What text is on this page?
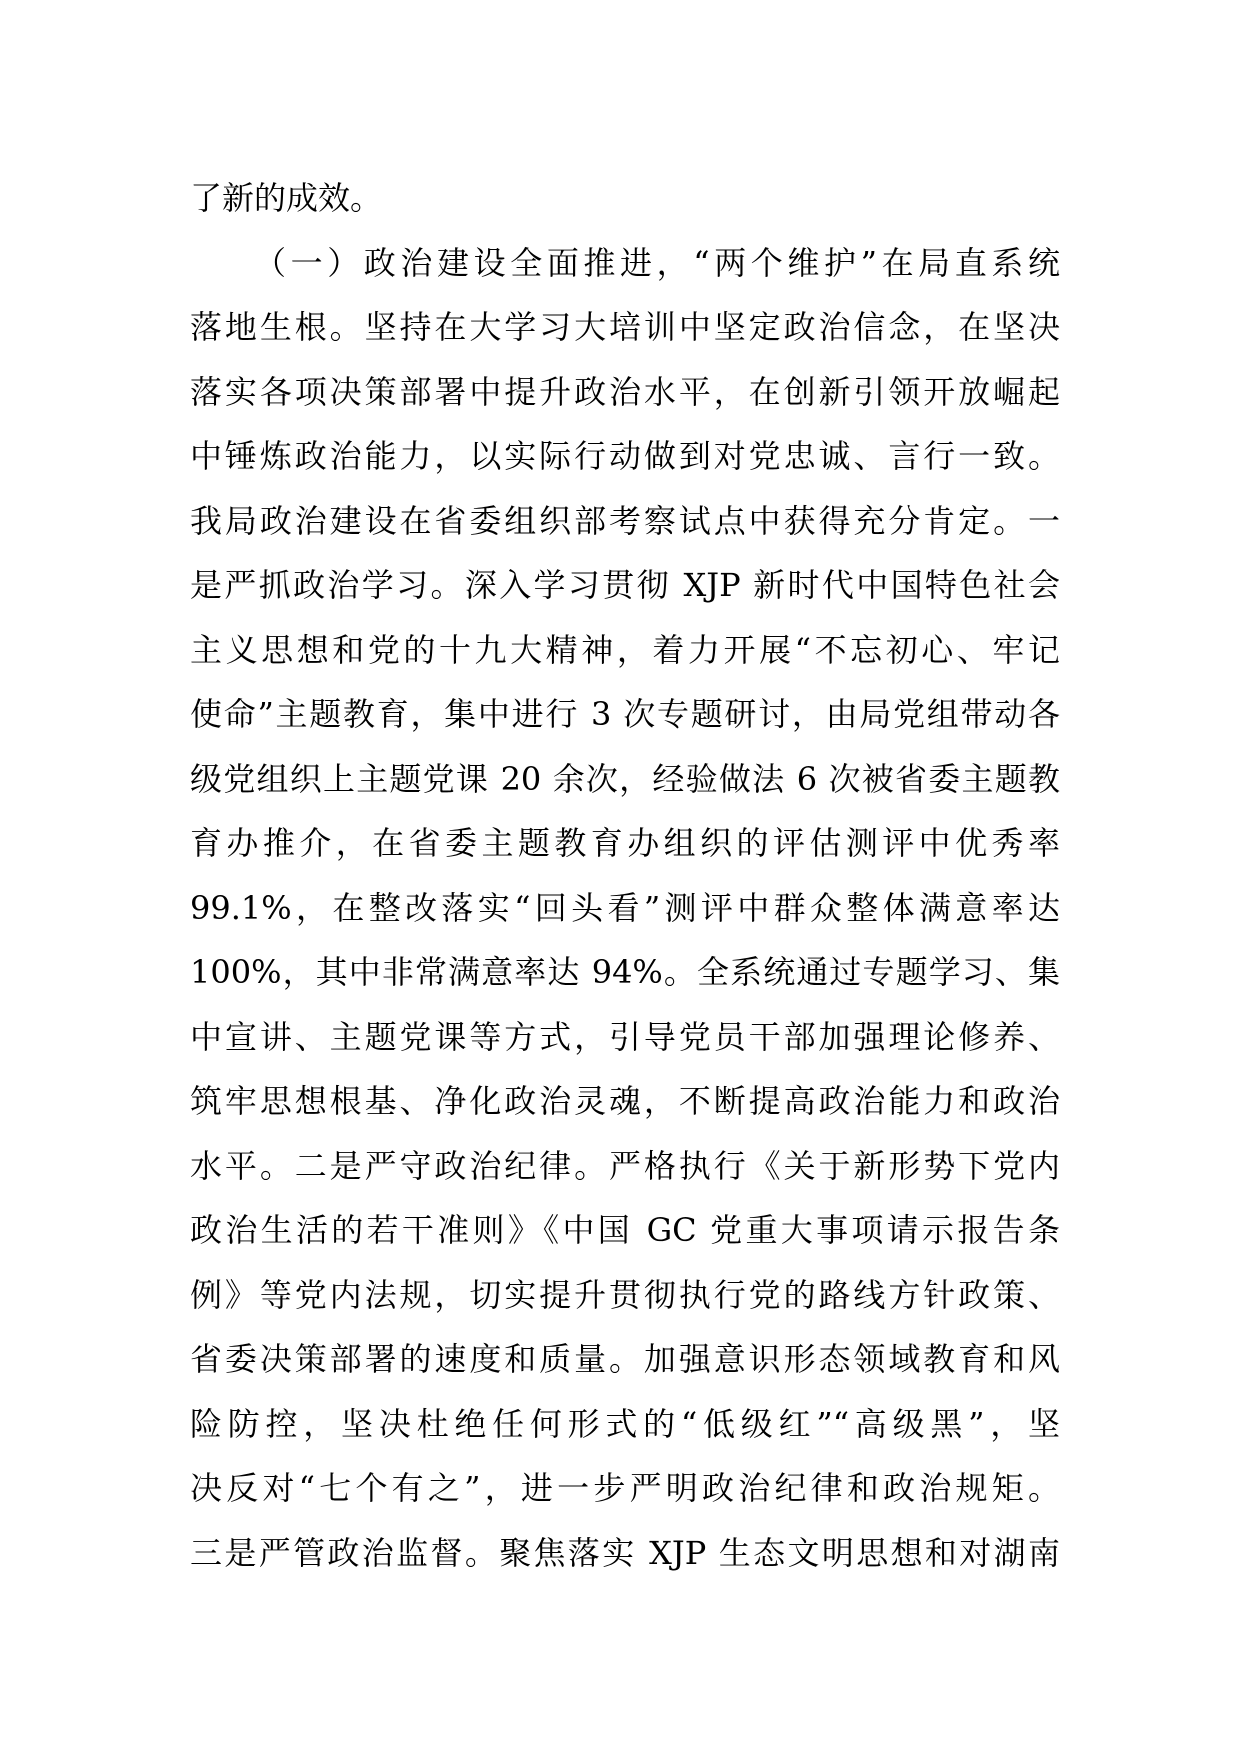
了新的成效。
（一）政治建设全面推进，“两个维护”在局直系统
落地生根。坚持在大学习大培训中坚定政治信念，在坚决
落实各项决策部署中提升政治水平，在创新引领开放崛起
中锤炼政治能力，以实际行动做到对党忠诚、言行一致。
我局政治建设在省委组织部考察试点中获得充分肯定。一
是严抓政治学习。深入学习贯彻 XJP 新时代中国特色社会
主义思想和党的十九大精神，着力开展“不忘初心、牢记
使命”主题教育，集中进行 3 次专题研讨，由局党组带动各
级党组织上主题党课 20 余次，经验做法 6 次被省委主题教
育办推介，在省委主题教育办组织的评估测评中优秀率
99.1%，在整改落实“回头看”测评中群众整体满意率达
100%，其中非常满意率达 94%。全系统通过专题学习、集
中宣讲、主题党课等方式，引导党员干部加强理论修养、
筑牢思想根基、净化政治灵魂，不断提高政治能力和政治
水平。二是严守政治纪律。严格执行《关于新形势下党内
政治生活的若干准则》《中国 GC 党重大事项请示报告条
例》等党内法规，切实提升贯彻执行党的路线方针政策、
省委决策部署的速度和质量。加强意识形态领域教育和风
险防控，坚决杜绝任何形式的“低级红”“高级黑”，坚
决反对“七个有之”，进一步严明政治纪律和政治规矩。
三是严管政治监督。聚焦落实 XJP 生态文明思想和对湖南
